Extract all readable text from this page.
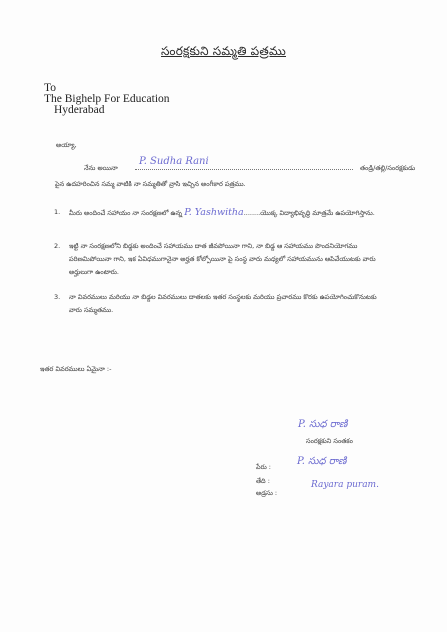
సంరక్షకుని సమ్మతి పత్రము
To
The Bighelp For Education
Hyderabad
అయ్యా,
నేను అయినా
P. Sudha Rani
తండ్రి/తల్లి/సంరక్షకుడు
పైన ఉదహరించిన సమ్మ వాటికి నా సమ్మతితో వ్రాసి ఇచ్చిన అంగీకార పత్రము.
1. మీరు అందించే సహాయం నా సంరక్షణలో ఉన్న P. Yashwitha........యొక్క విద్యాభివృద్ధి మాత్రమే ఉపయోగిస్తాను.
2. ఇట్టి నా సంరక్షణలోని బిడ్డకు అందించే సహాయము దాత జీవపోయినా గాని, నా బిడ్డ ఆ సహాయము పొందనియోగము పరిణమిపోయినా గాని, ఇక ఏవిధముగానైనా అర్హత కోల్పోయినా పై సంస్థ వారు మధ్యలో సహాయమును ఆపివేయుటకు వారు అర్హులుగా ఉంటారు.
3. నా వివరములు మరియు నా బిడ్డల వివరములు దాతలకు ఇతర సంస్థలకు మరియు ప్రచారము కొరకు ఉపయోగించుకొనుటకు వారు సమ్మతము.
ఇతర వివరములు ఏమైనా :-
P. సుధ రాణి
సంరక్షకుని సంతకం
పేరు :	P. సుధ రాణి
తేది :
అడ్రసు :
Rayara puram.
